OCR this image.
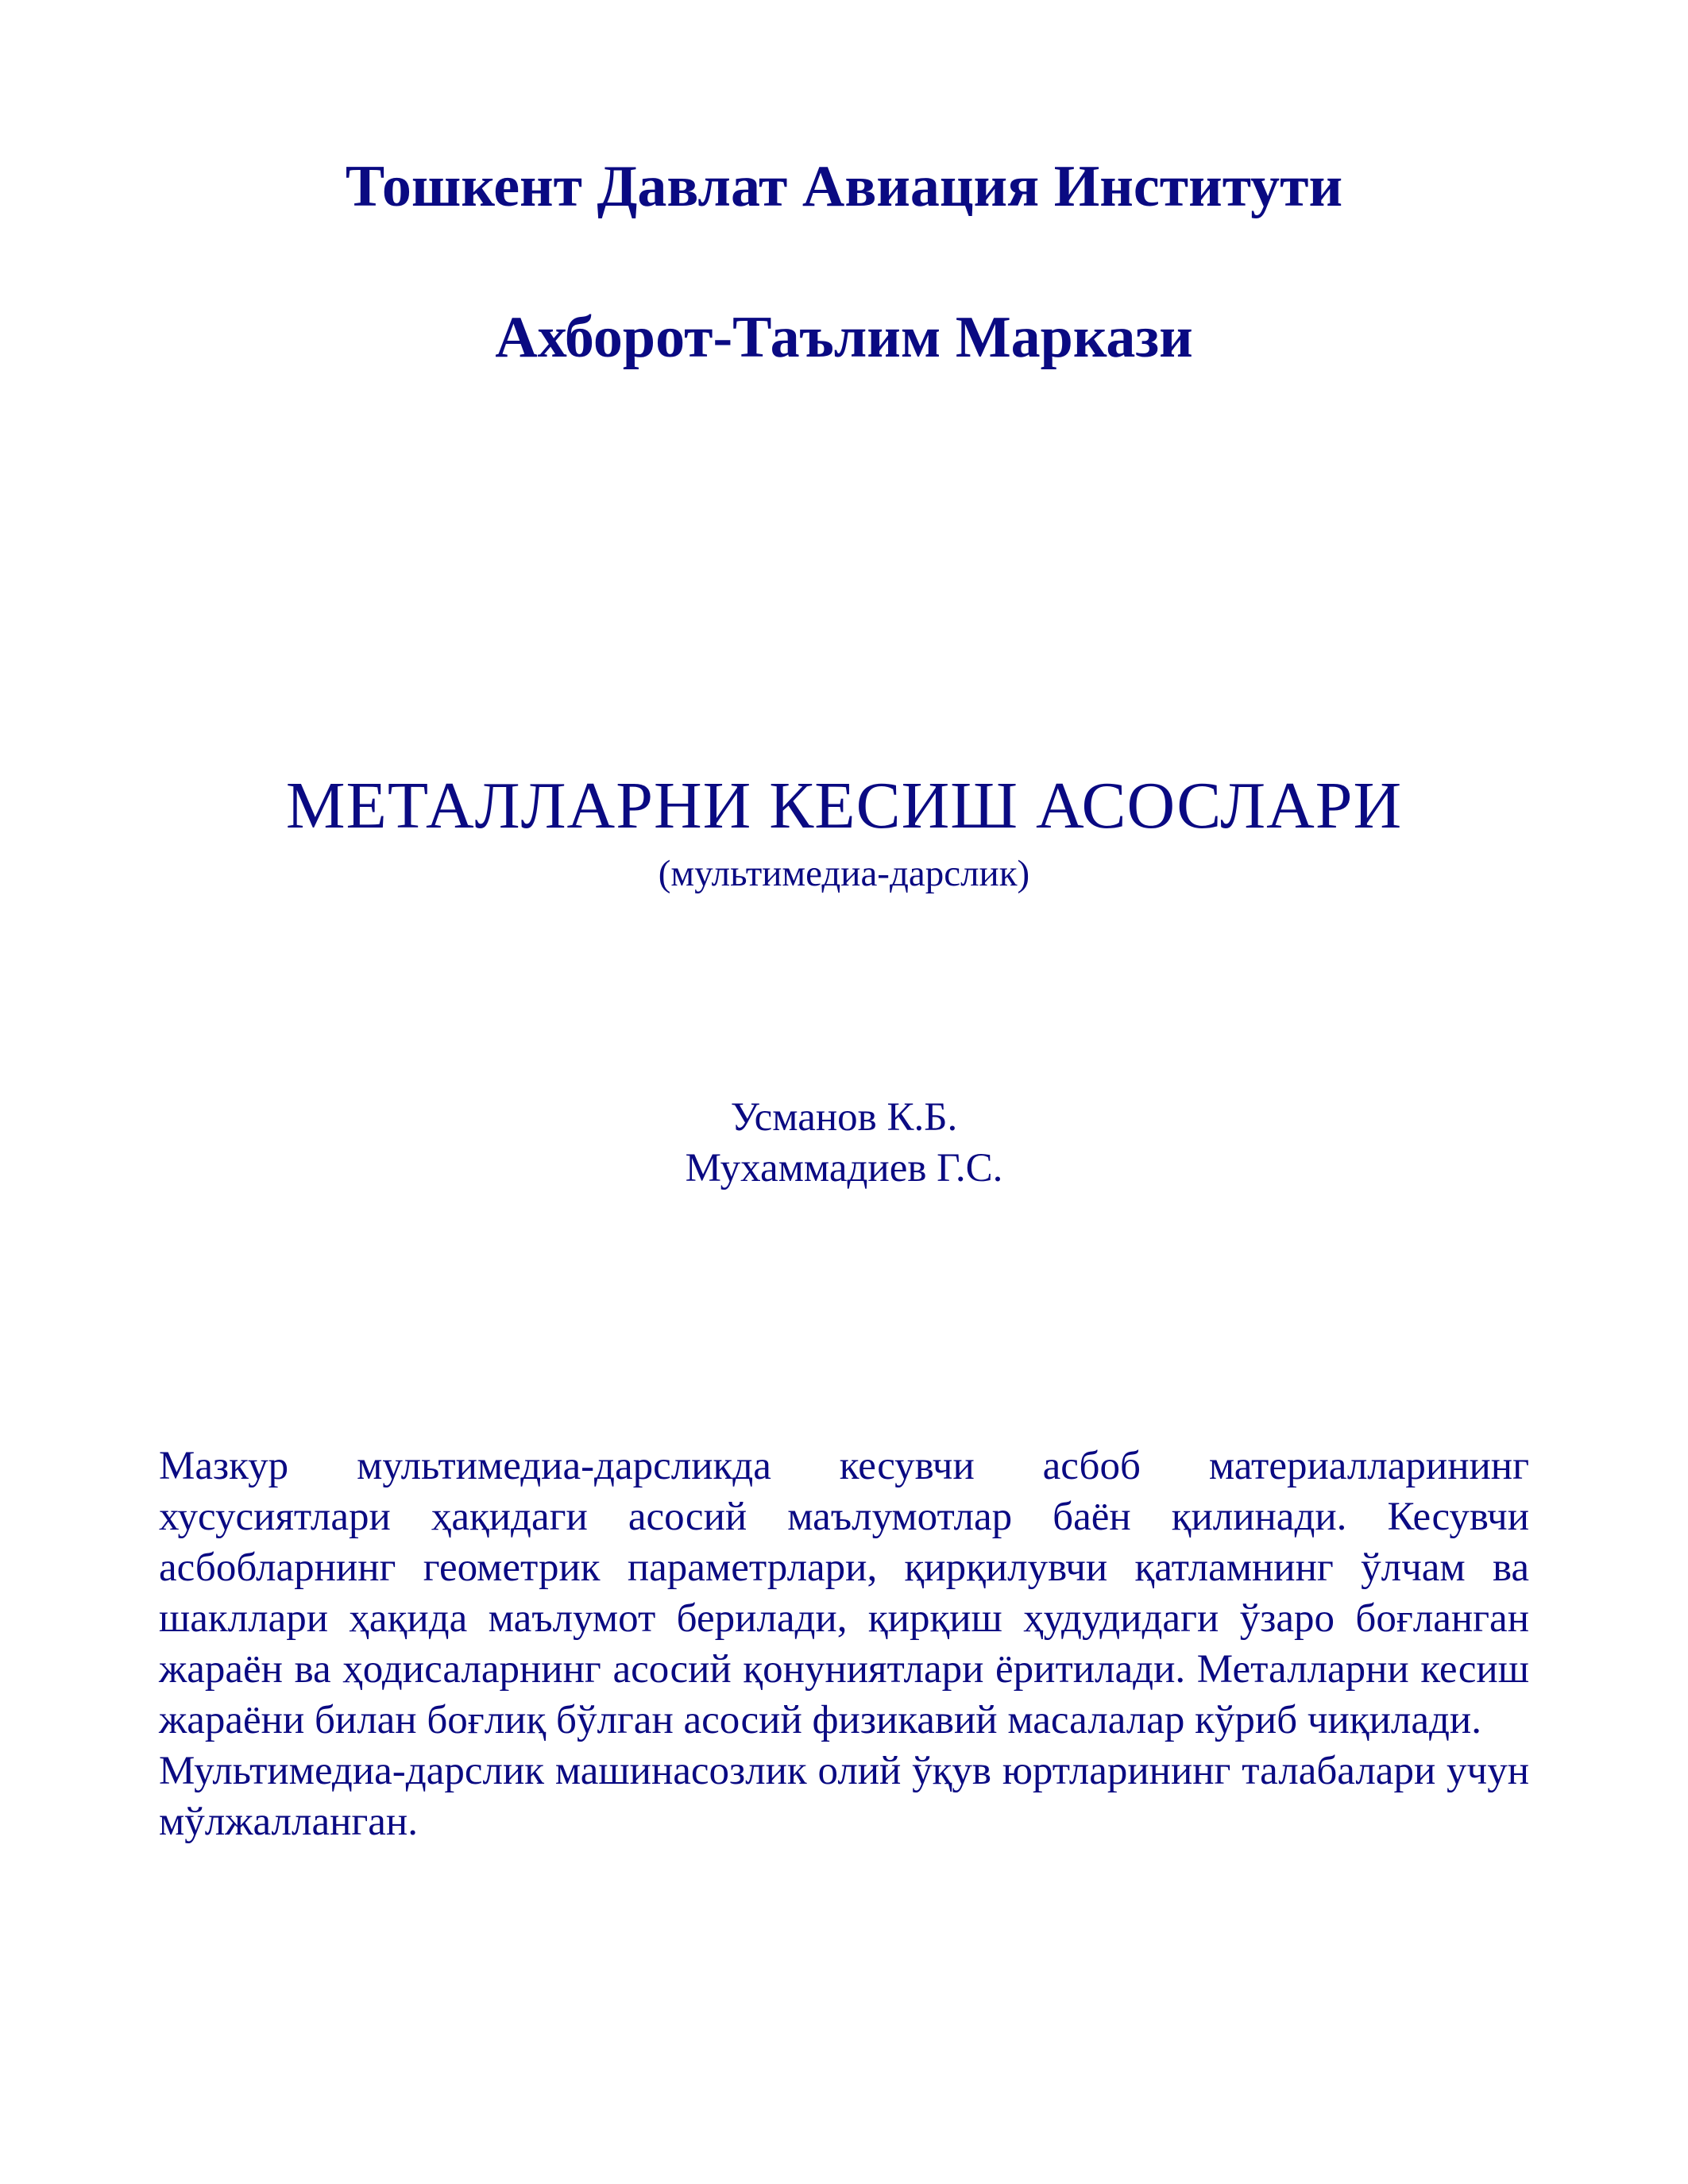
Тошкент Давлат Авиация Институти
Ахборот-Таълим Маркази
МЕТАЛЛАРНИ КЕСИШ АСОСЛАРИ
(мультимедиа-дарслик)
Усманов К.Б.
Мухаммадиев Г.С.

Мазкур мультимедиа-дарсликда кесувчи асбоб материалларининг хусусиятлари ҳақидаги асосий маълумотлар баён қилинади. Кесувчи асбобларнинг геометрик параметрлари, қирқилувчи қатламнинг ўлчам ва шакллари ҳақида маълумот берилади, қирқиш ҳудудидаги ўзаро боғланган жараён ва ҳодисаларнинг асосий қонуниятлари ёритилади. Металларни кесиш жараёни билан боғлиқ бўлган асосий физикавий масалалар кўриб чиқилади.

Мультимедиа-дарслик машинасозлик олий ўқув юртларининг талабалари учун мўлжалланган.
